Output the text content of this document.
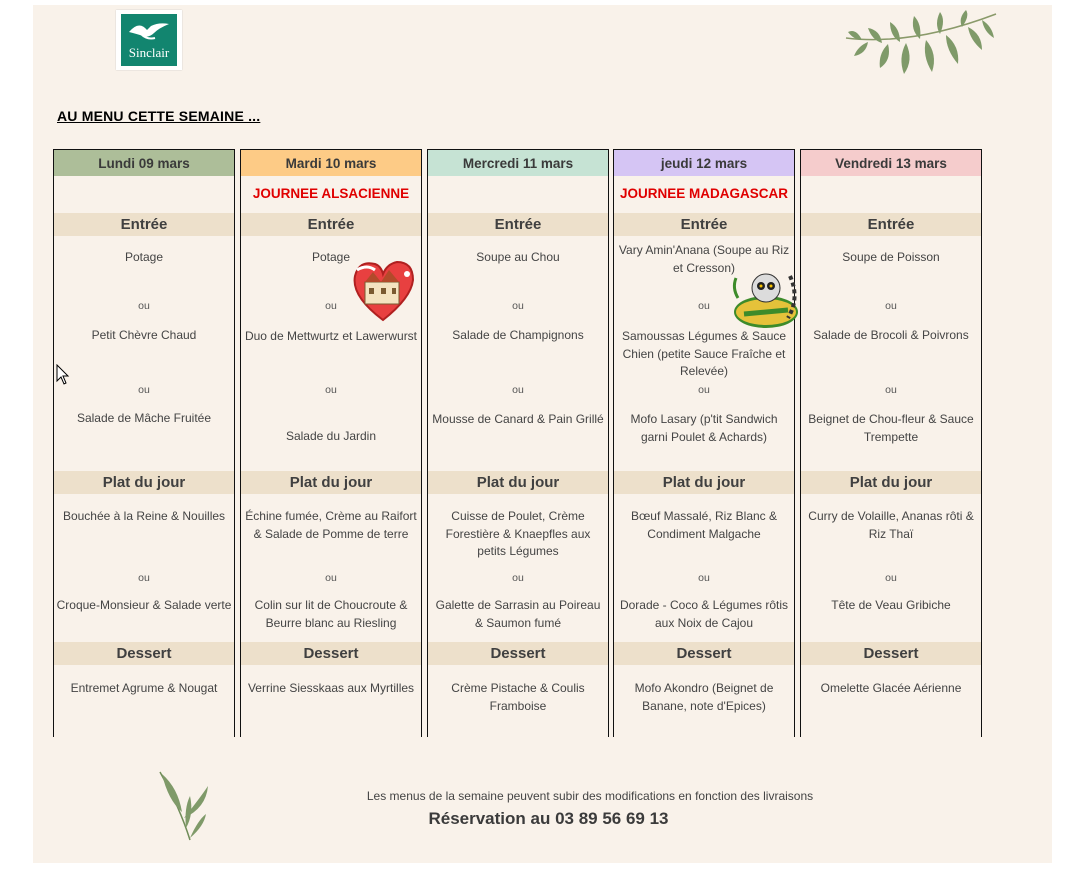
Sinclair
AU MENU CETTE SEMAINE ...
Lundi 09 mars
Entrée
Potage
Petit Chèvre Chaud
Salade de Mâche Fruitée
ou
ou
Plat du jour
Bouchée à la Reine & Nouilles
ou
Croque-Monsieur & Salade verte
Dessert
Entremet Agrume & Nougat
Mardi 10 mars
JOURNEE ALSACIENNE
Entrée
Potage
Duo de Mettwurtz et Lawerwurst
Salade du Jardin
ou
ou
Plat du jour
Échine fumée, Crème au Raifort & Salade de Pomme de terre
ou
Colin sur lit de Choucroute & Beurre blanc au Riesling
Dessert
Verrine Siesskaas aux Myrtilles
Mercredi 11 mars
Entrée
Soupe au Chou
Salade de Champignons
Mousse de Canard & Pain Grillé
ou
ou
Plat du jour
Cuisse de Poulet, Crème Forestière & Knaepfles aux petits Légumes
ou
Galette de Sarrasin au Poireau & Saumon fumé
Dessert
Crème Pistache & Coulis Framboise
jeudi 12 mars
JOURNEE MADAGASCAR
Entrée
Vary Amin'Anana (Soupe au Riz et Cresson)
Samoussas Légumes & Sauce Chien (petite Sauce Fraîche et Relevée)
Mofo Lasary (p'tit Sandwich garni Poulet & Achards)
ou
ou
Plat du jour
Bœuf Massalé, Riz Blanc & Condiment Malgache
ou
Dorade - Coco & Légumes rôtis aux Noix de Cajou
Dessert
Mofo Akondro (Beignet de Banane, note d'Epices)
Vendredi 13 mars
Entrée
Soupe de Poisson
Salade de Brocoli & Poivrons
Beignet de Chou-fleur & Sauce Trempette
ou
ou
Plat du jour
Curry de Volaille, Ananas rôti & Riz Thaï
ou
Tête de Veau Gribiche
Dessert
Omelette Glacée Aérienne
Les menus de la semaine peuvent subir des modifications en fonction des livraisons
Réservation au 03 89 56 69 13
